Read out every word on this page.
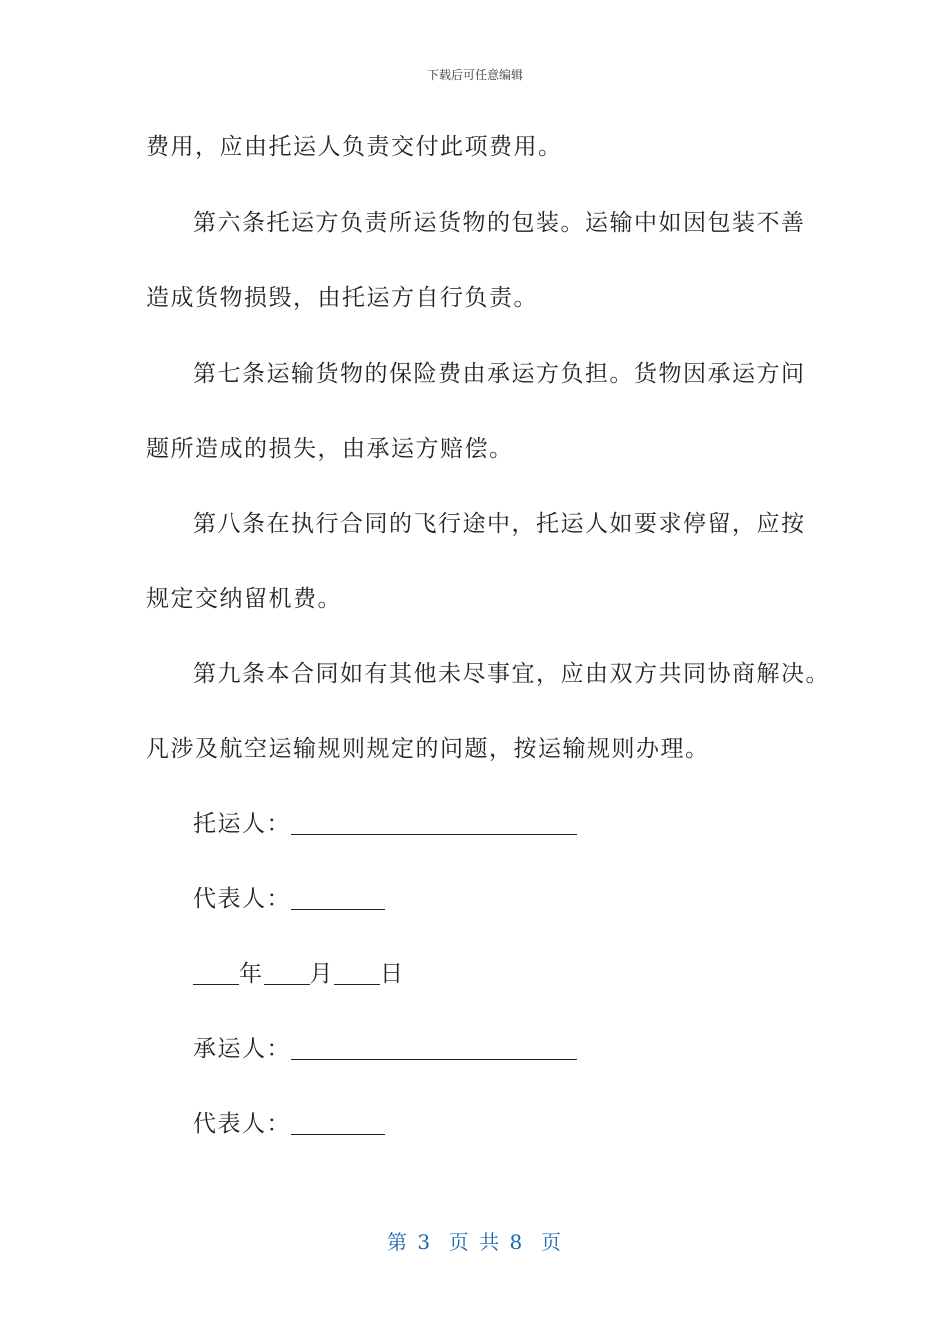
下载后可任意编辑
费用，应由托运人负责交付此项费用。
第六条托运方负责所运货物的包装。运输中如因包装不善
造成货物损毁，由托运方自行负责。
第七条运输货物的保险费由承运方负担。货物因承运方问
题所造成的损失，由承运方赔偿。
第八条在执行合同的飞行途中，托运人如要求停留，应按
规定交纳留机费。
第九条本合同如有其他未尽事宜，应由双方共同协商解决。
凡涉及航空运输规则规定的问题，按运输规则办理。
托运人：
代表人：
年 月 日
承运人：
代表人：
第 3  页 共 8  页
